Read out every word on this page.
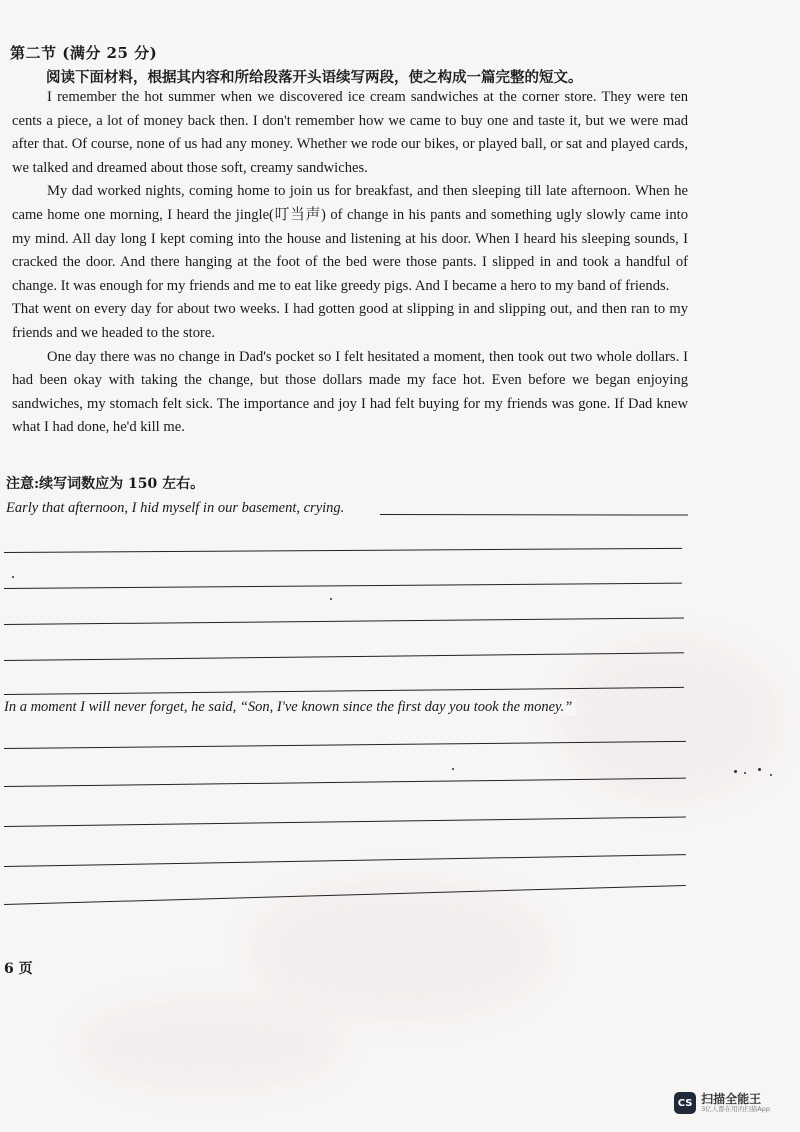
第二节 (满分 25 分)
阅读下面材料，根据其内容和所给段落开头语续写两段，使之构成一篇完整的短文。

I remember the hot summer when we discovered ice cream sandwiches at the corner store. They were ten cents a piece, a lot of money back then. I don't remember how we came to buy one and taste it, but we were mad after that. Of course, none of us had any money. Whether we rode our bikes, or played ball, or sat and played cards, we talked and dreamed about those soft, creamy sandwiches.

My dad worked nights, coming home to join us for breakfast, and then sleeping till late afternoon. When he came home one morning, I heard the jingle(叮当声) of change in his pants and something ugly slowly came into my mind. All day long I kept coming into the house and listening at his door. When I heard his sleeping sounds, I cracked the door. And there hanging at the foot of the bed were those pants. I slipped in and took a handful of change. It was enough for my friends and me to eat like greedy pigs. And I became a hero to my band of friends.

That went on every day for about two weeks. I had gotten good at slipping in and slipping out, and then ran to my friends and we headed to the store.

One day there was no change in Dad's pocket so I felt hesitated a moment, then took out two whole dollars. I had been okay with taking the change, but those dollars made my face hot. Even before we began enjoying sandwiches, my stomach felt sick. The importance and joy I had felt buying for my friends was gone. If Dad knew what I had done, he'd kill me.

注意:续写词数应为 150 左右。
Early that afternoon, I hid myself in our basement, crying.
In a moment I will never forget, he said, “Son, I've known since the first day you took the money.”
6 页
CS 扫描全能王
3亿人都在用的扫描App
